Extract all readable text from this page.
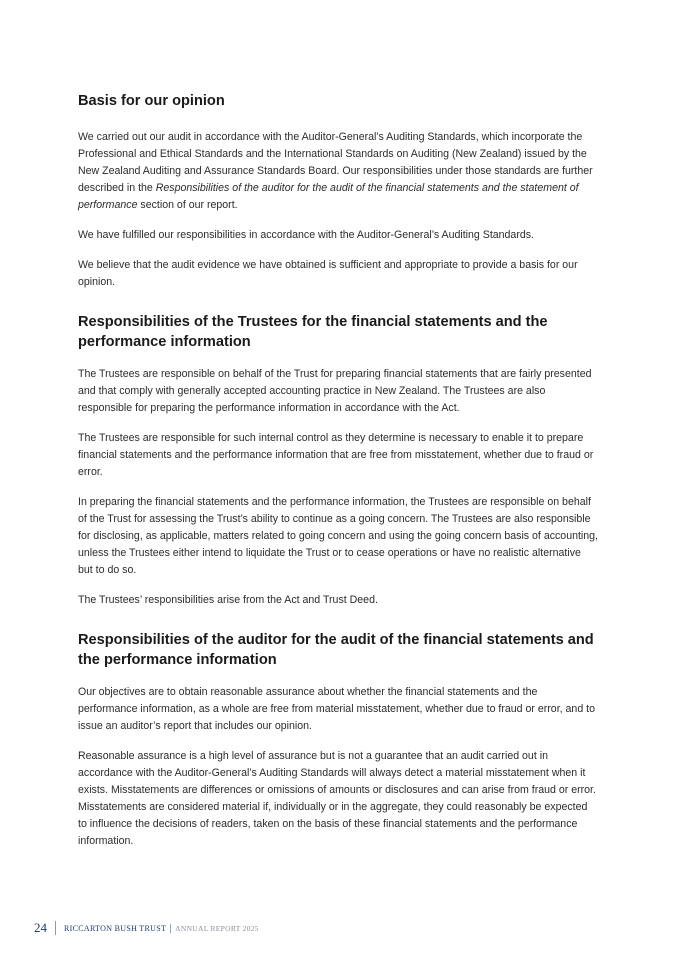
Basis for our opinion

We carried out our audit in accordance with the Auditor-General’s Auditing Standards, which incorporate the Professional and Ethical Standards and the International Standards on Auditing (New Zealand) issued by the New Zealand Auditing and Assurance Standards Board. Our responsibilities under those standards are further described in the Responsibilities of the auditor for the audit of the financial statements and the statement of performance section of our report.

We have fulfilled our responsibilities in accordance with the Auditor-General’s Auditing Standards.

We believe that the audit evidence we have obtained is sufficient and appropriate to provide a basis for our opinion.

Responsibilities of the Trustees for the financial statements and the performance information

The Trustees are responsible on behalf of the Trust for preparing financial statements that are fairly presented and that comply with generally accepted accounting practice in New Zealand. The Trustees are also responsible for preparing the performance information in accordance with the Act.

The Trustees are responsible for such internal control as they determine is necessary to enable it to prepare financial statements and the performance information that are free from misstatement, whether due to fraud or error.

In preparing the financial statements and the performance information, the Trustees are responsible on behalf of the Trust for assessing the Trust’s ability to continue as a going concern. The Trustees are also responsible for disclosing, as applicable, matters related to going concern and using the going concern basis of accounting, unless the Trustees either intend to liquidate the Trust or to cease operations or have no realistic alternative but to do so.

The Trustees’ responsibilities arise from the Act and Trust Deed.

Responsibilities of the auditor for the audit of the financial statements and the performance information

Our objectives are to obtain reasonable assurance about whether the financial statements and the performance information, as a whole are free from material misstatement, whether due to fraud or error, and to issue an auditor’s report that includes our opinion.

Reasonable assurance is a high level of assurance but is not a guarantee that an audit carried out in accordance with the Auditor-General’s Auditing Standards will always detect a material misstatement when it exists. Misstatements are differences or omissions of amounts or disclosures and can arise from fraud or error. Misstatements are considered material if, individually or in the aggregate, they could reasonably be expected to influence the decisions of readers, taken on the basis of these financial statements and the performance information.

24 RICCARTON BUSH TRUST ANNUAL REPORT 2025
